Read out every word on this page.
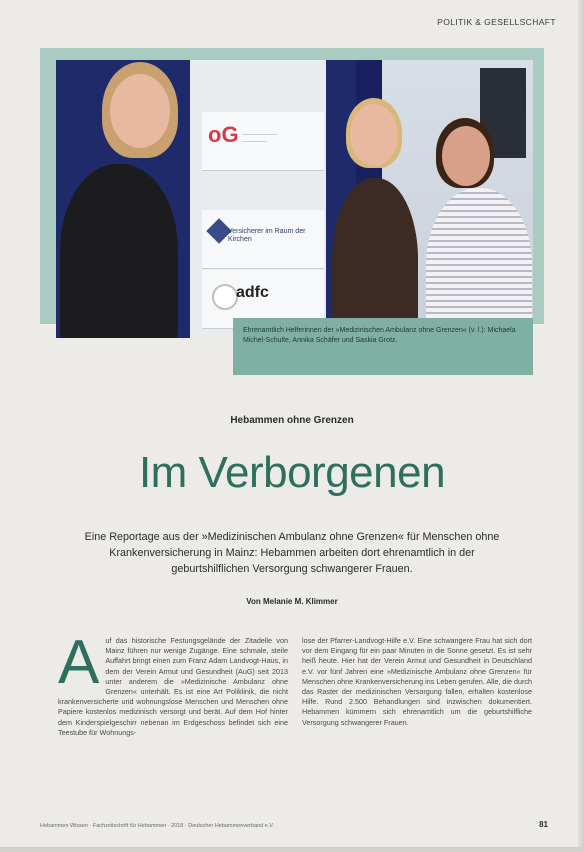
POLITIK & GESELLSCHAFT
oG ———————
—————
Versicherer im Raum der Kirchen
adfc
Ehrenamtlich Helferinnen der »Medizinischen Ambulanz ohne Grenzen« (v. l.): Michaela Michel-Schulte, Annika Schäfer und Saskia Grotz.
Hebammen ohne Grenzen
Im Verborgenen
Eine Reportage aus der »Medizinischen Ambulanz ohne Grenzen« für Menschen ohne Krankenversicherung in Mainz: Hebammen arbeiten dort ehrenamtlich in der geburtshilflichen Versorgung schwangerer Frauen.
Von Melanie M. Klimmer
A uf das historische Festungsgelände der Zitadelle von Mainz führen nur wenige Zugänge. Eine schmale, steile Auffahrt bringt einen zum Franz Adam Landvogt-Haus, in dem der Verein Armut und Gesundheit (AuG) seit 2013 unter anderem die »Medizinische Ambulanz ohne Grenzen« unterhält. Es ist eine Art Poliklinik, die nicht krankenversicherte und wohnungslose Menschen und Menschen ohne Papiere kostenlos medizinisch versorgt und berät. Auf dem Hof hinter dem Kinderspielgeschirr nebenan im Erdgeschoss befindet sich eine Teestube für Wohnungs-
lose der Pfarrer-Landvogt-Hilfe e.V. Eine schwangere Frau hat sich dort vor dem Eingang für ein paar Minuten in die Sonne gesetzt. Es ist sehr heiß heute. Hier hat der Verein Armut und Gesundheit in Deutschland e.V. vor fünf Jahren eine »Medizinische Ambulanz ohne Grenzen« für Menschen ohne Krankenversicherung ins Leben gerufen. Alle, die durch das Raster der medizinischen Versorgung fallen, erhalten kostenlose Hilfe. Rund 2.500 Behandlungen sind inzwischen dokumentiert. Hebammen kümmern sich ehrenamtlich um die geburtshilfliche Versorgung schwangerer Frauen.
Hebammen Wissen · Fachzeitschrift für Hebammen · 2018 · Deutscher Hebammenverband e.V.	81
